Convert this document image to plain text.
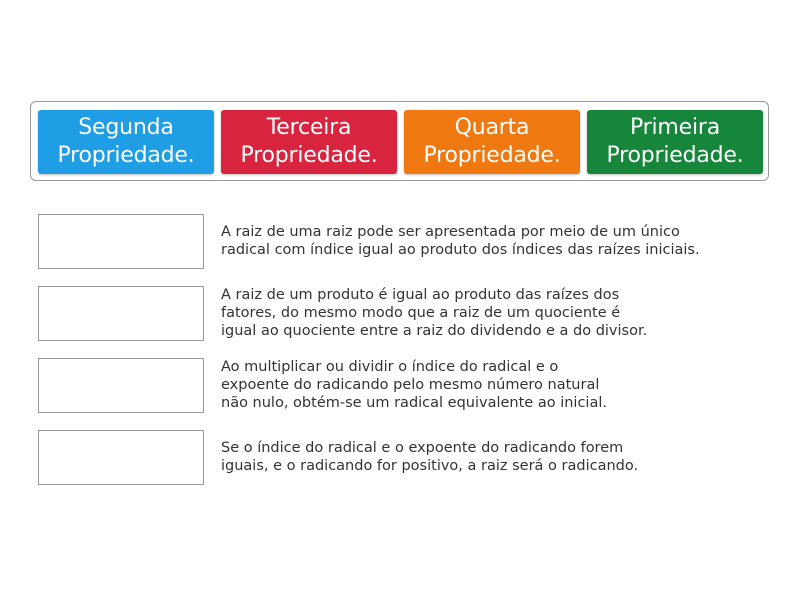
Segunda
Propriedade.
Terceira
Propriedade.
Quarta
Propriedade.
Primeira
Propriedade.
A raiz de uma raiz pode ser apresentada por meio de um único
radical com índice igual ao produto dos índices das raízes iniciais.
A raiz de um produto é igual ao produto das raízes dos
fatores, do mesmo modo que a raiz de um quociente é
igual ao quociente entre a raiz do dividendo e a do divisor.
Ao multiplicar ou dividir o índice do radical e o
expoente do radicando pelo mesmo número natural
não nulo, obtém-se um radical equivalente ao inicial.
Se o índice do radical e o expoente do radicando forem
iguais, e o radicando for positivo, a raiz será o radicando.
